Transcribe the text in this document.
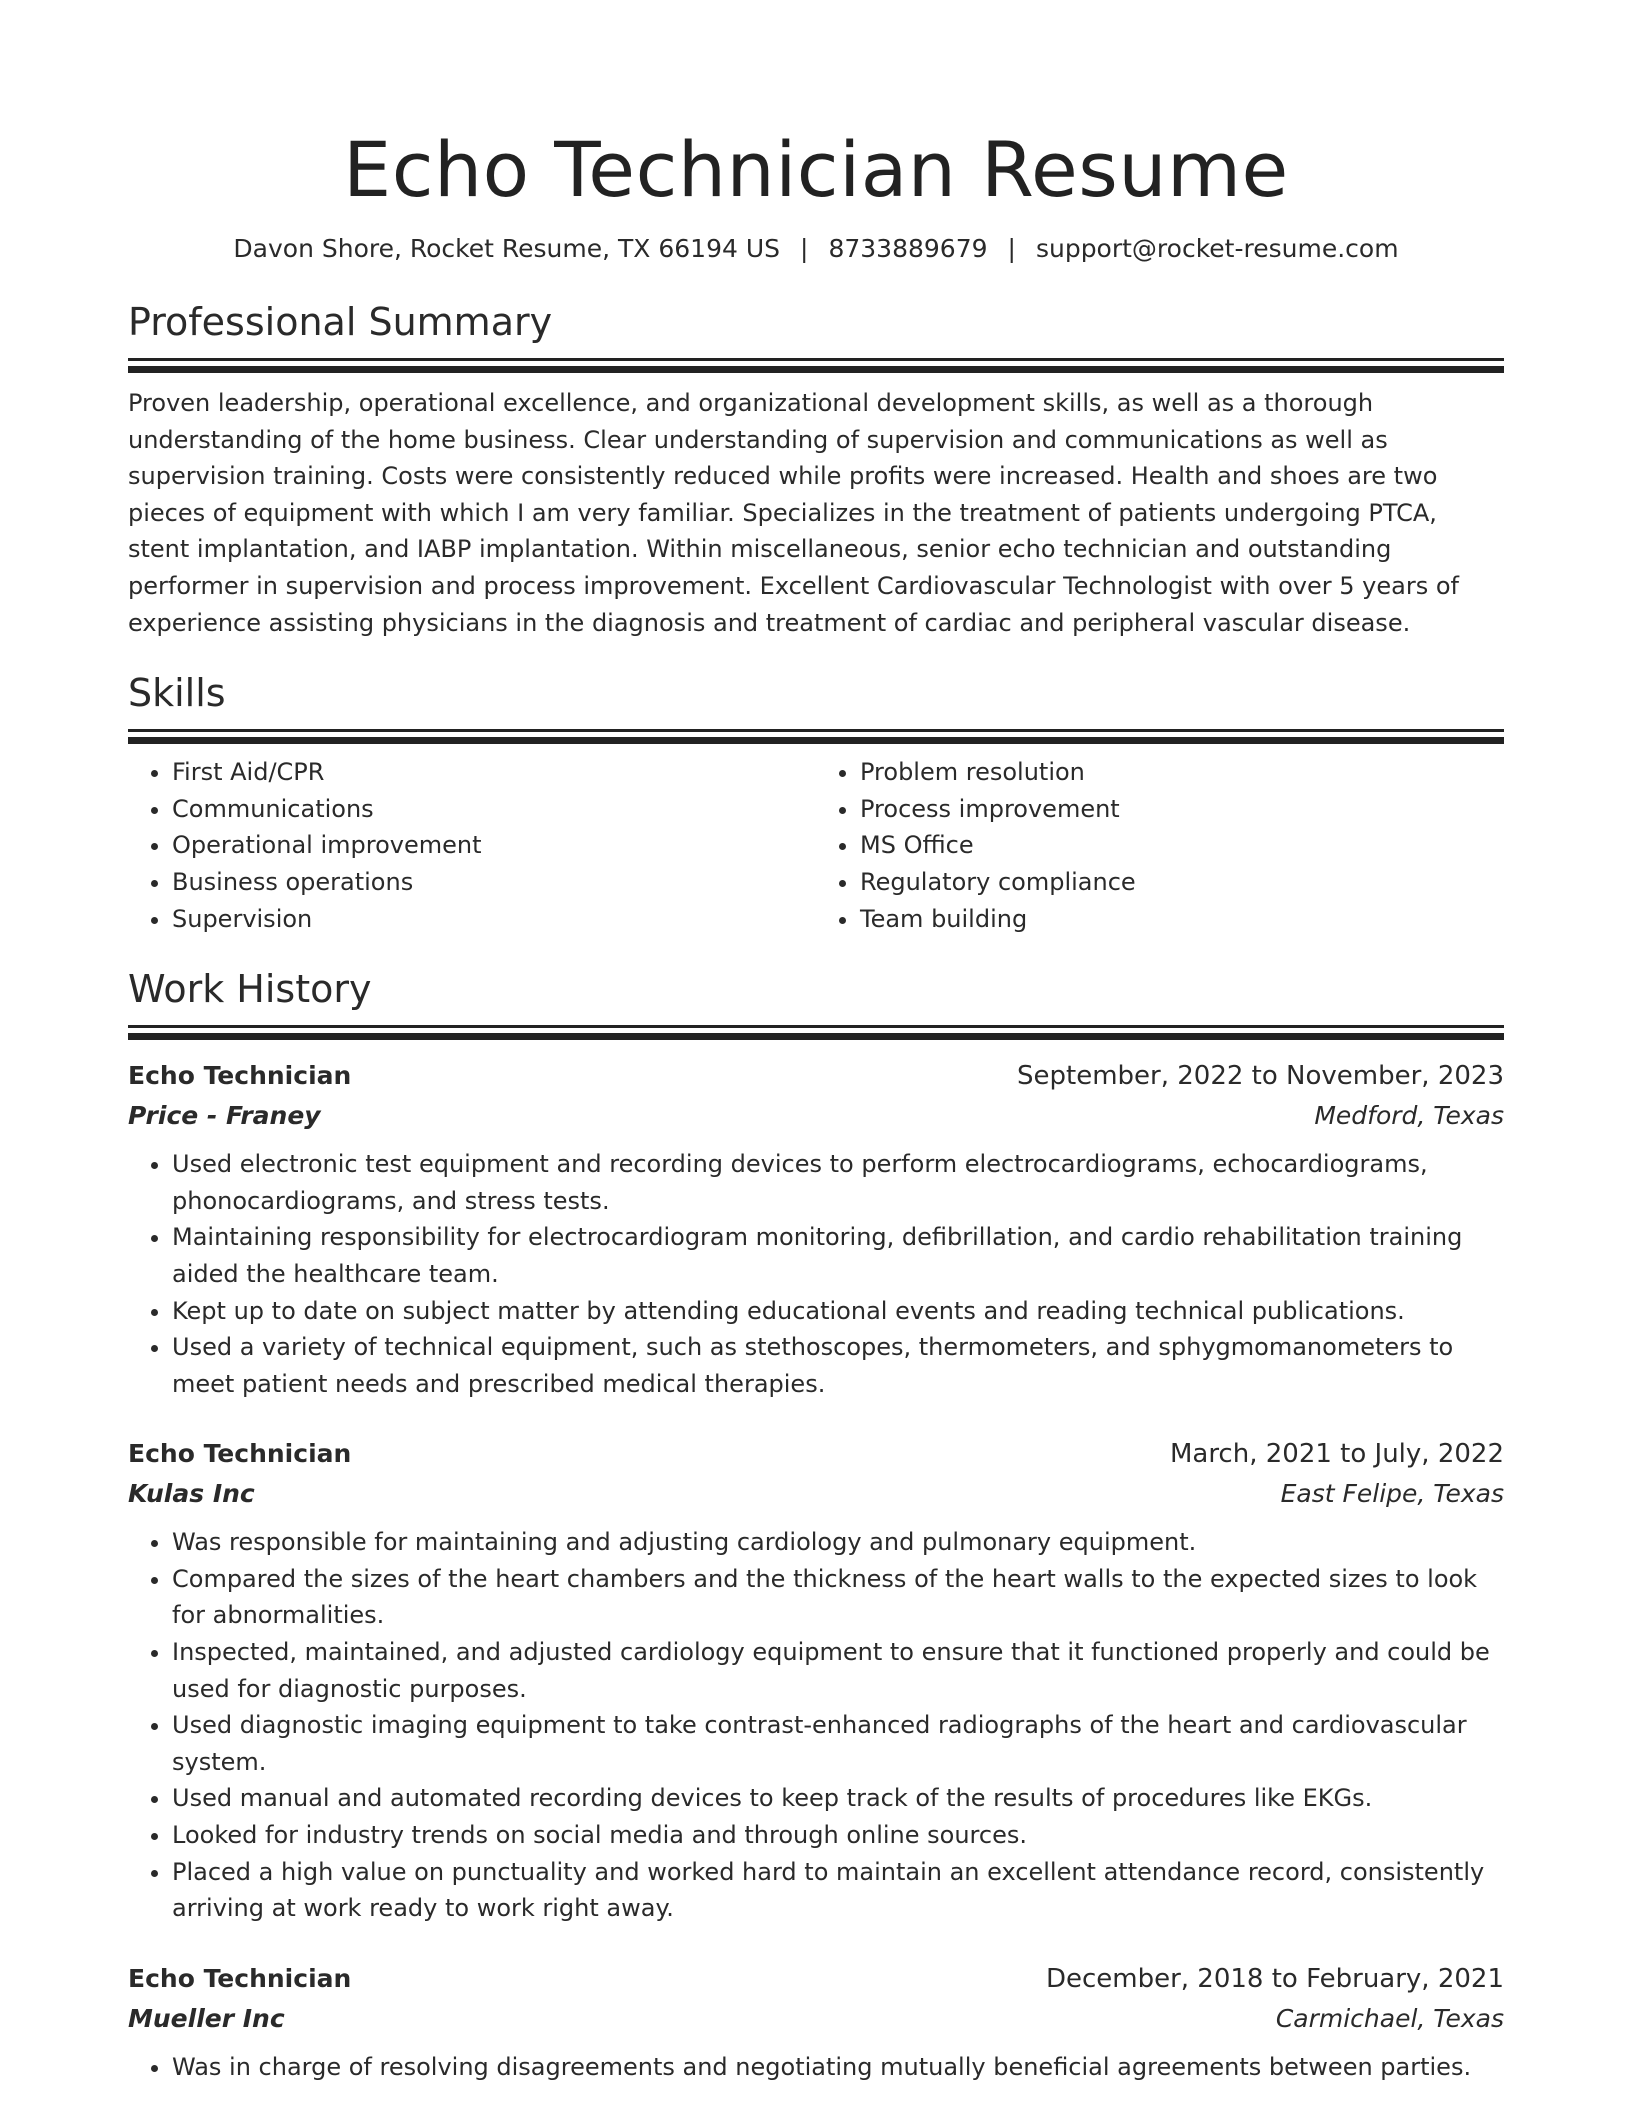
Echo Technician Resume
Davon Shore, Rocket Resume, TX 66194 US | 8733889679 | support@rocket-resume.com
Professional Summary

Proven leadership, operational excellence, and organizational development skills, as well as a thorough understanding of the home business. Clear understanding of supervision and communications as well as supervision training. Costs were consistently reduced while profits were increased. Health and shoes are two pieces of equipment with which I am very familiar. Specializes in the treatment of patients undergoing PTCA, stent implantation, and IABP implantation. Within miscellaneous, senior echo technician and outstanding performer in supervision and process improvement. Excellent Cardiovascular Technologist with over 5 years of experience assisting physicians in the diagnosis and treatment of cardiac and peripheral vascular disease.

Skills
• First Aid/CPR
• Communications
• Operational improvement
• Business operations
• Supervision
• Problem resolution
• Process improvement
• MS Office
• Regulatory compliance
• Team building
Work History
Echo Technician	September, 2022 to November, 2023
Price - Franey	Medford, Texas
• Used electronic test equipment and recording devices to perform electrocardiograms, echocardiograms, phonocardiograms, and stress tests.
• Maintaining responsibility for electrocardiogram monitoring, defibrillation, and cardio rehabilitation training aided the healthcare team.
• Kept up to date on subject matter by attending educational events and reading technical publications.
• Used a variety of technical equipment, such as stethoscopes, thermometers, and sphygmomanometers to meet patient needs and prescribed medical therapies.
Echo Technician	March, 2021 to July, 2022
Kulas Inc	East Felipe, Texas
• Was responsible for maintaining and adjusting cardiology and pulmonary equipment.
• Compared the sizes of the heart chambers and the thickness of the heart walls to the expected sizes to look for abnormalities.
• Inspected, maintained, and adjusted cardiology equipment to ensure that it functioned properly and could be used for diagnostic purposes.
• Used diagnostic imaging equipment to take contrast-enhanced radiographs of the heart and cardiovascular system.
• Used manual and automated recording devices to keep track of the results of procedures like EKGs.
• Looked for industry trends on social media and through online sources.
• Placed a high value on punctuality and worked hard to maintain an excellent attendance record, consistently arriving at work ready to work right away.
Echo Technician	December, 2018 to February, 2021
Mueller Inc	Carmichael, Texas
• Was in charge of resolving disagreements and negotiating mutually beneficial agreements between parties.
